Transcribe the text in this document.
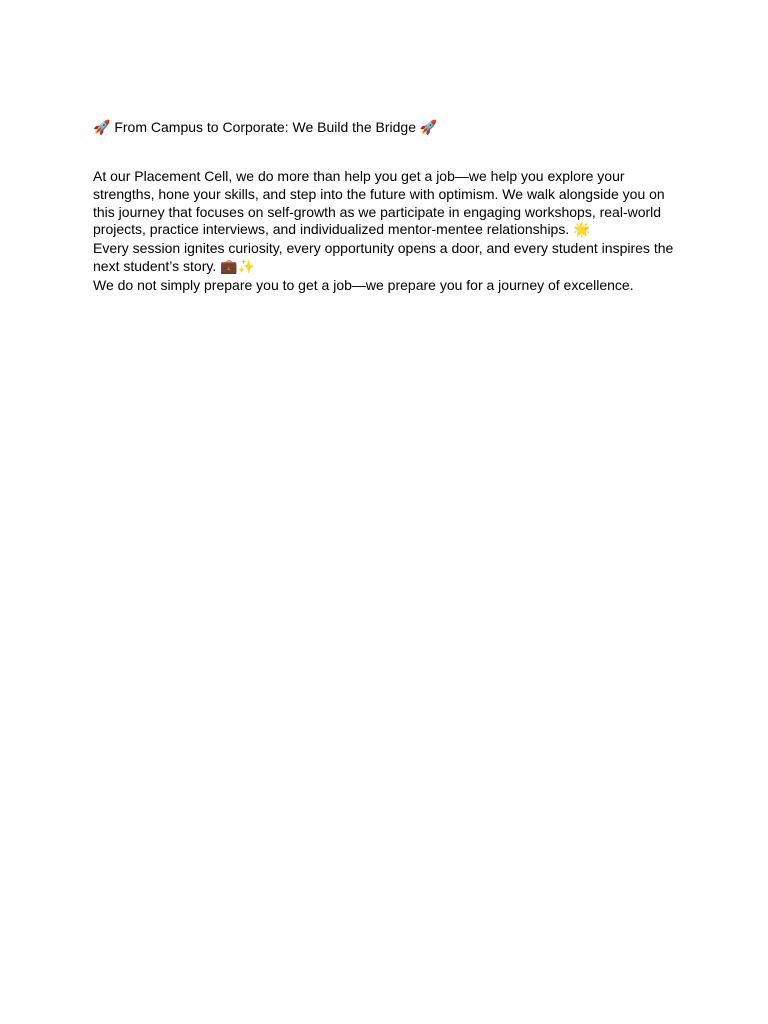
🚀 From Campus to Corporate: We Build the Bridge 🚀

At our Placement Cell, we do more than help you get a job—we help you explore your strengths, hone your skills, and step into the future with optimism. We walk alongside you on this journey that focuses on self-growth as we participate in engaging workshops, real-world projects, practice interviews, and individualized mentor-mentee relationships. 🌟

Every session ignites curiosity, every opportunity opens a door, and every student inspires the next student’s story. 💼✨

We do not simply prepare you to get a job—we prepare you for a journey of excellence.
